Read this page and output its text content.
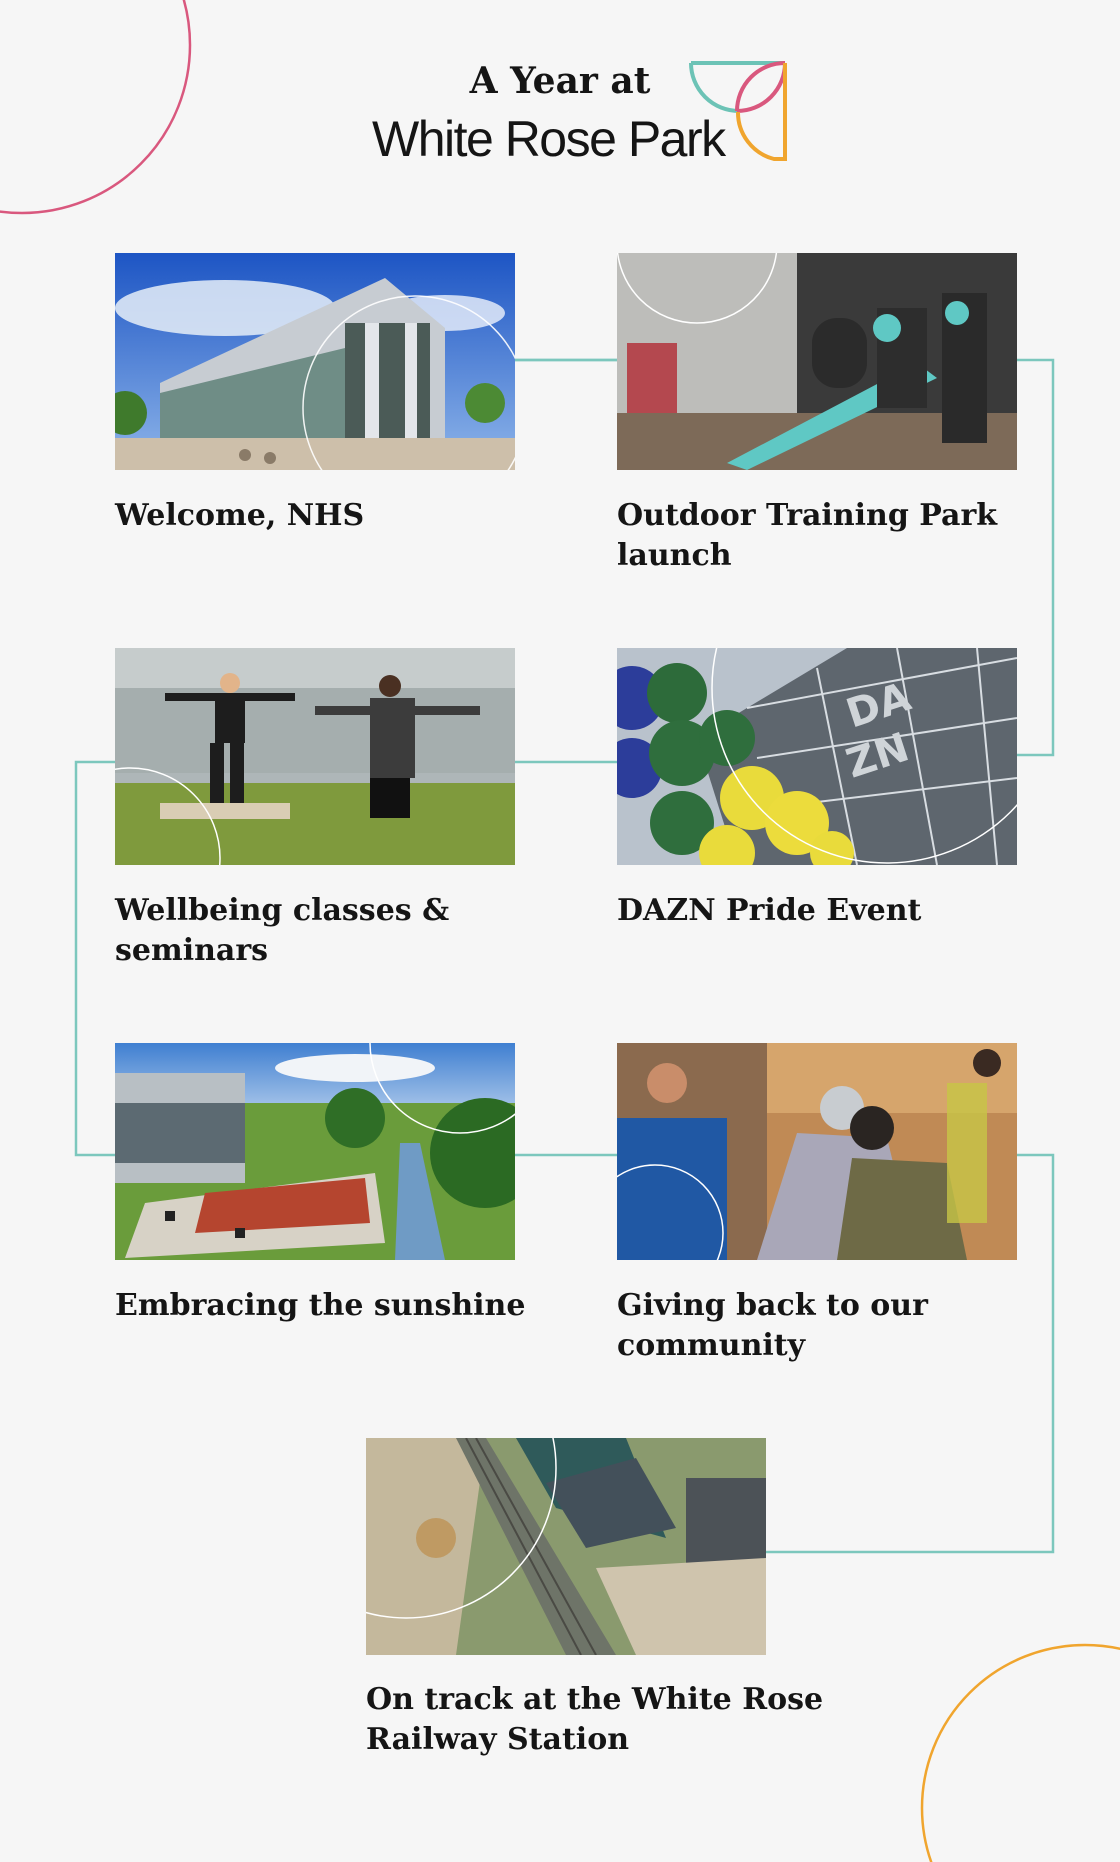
A Year at
White Rose Park
Welcome, NHS	Outdoor Training Park launch
Wellbeing classes & seminars
DA
ZN
DAZN Pride Event
Embracing the sunshine	Giving back to our community
On track at the White Rose Railway Station
